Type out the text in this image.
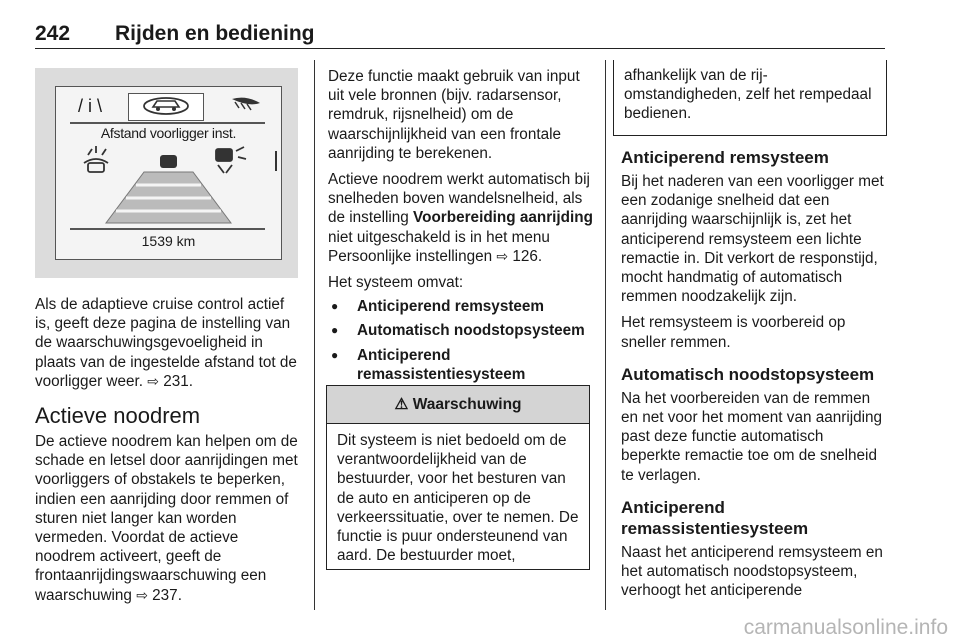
242 Rijden en bediening
/ i \
Afstand voorligger inst.
1539 km

Als de adaptieve cruise control actief is, geeft deze pagina de instelling van de waarschuwingsgevoeligheid in plaats van de ingestelde afstand tot de voorligger weer. ⇨ 231.

Actieve noodrem

De actieve noodrem kan helpen om de schade en letsel door aanrijdingen met voorliggers of obstakels te beperken, indien een aanrijding door remmen of sturen niet langer kan worden vermeden. Voordat de actieve noodrem activeert, geeft de frontaanrijdingswaarschuwing een waarschuwing ⇨ 237.

Deze functie maakt gebruik van input uit vele bronnen (bijv. radarsensor, remdruk, rijsnelheid) om de waarschijnlijkheid van een frontale aanrijding te berekenen.

Actieve noodrem werkt automatisch bij snelheden boven wandelsnelheid, als de instelling Voorbereiding aanrijding niet uitgeschakeld is in het menu Persoonlijke instellingen ⇨ 126.

Het systeem omvat:

● Anticiperend remsysteem
● Automatisch noodstopsysteem
● Anticiperend remassistentiesysteem
⚠ Waarschuwing
Dit systeem is niet bedoeld om de verantwoordelijkheid van de bestuurder, voor het besturen van de auto en anticiperen op de verkeerssituatie, over te nemen. De functie is puur ondersteunend van aard. De bestuurder moet,

afhankelijk van de rij-omstandigheden, zelf het rempedaal bedienen.

Anticiperend remsysteem

Bij het naderen van een voorligger met een zodanige snelheid dat een aanrijding waarschijnlijk is, zet het anticiperend remsysteem een lichte remactie in. Dit verkort de responstijd, mocht handmatig of automatisch remmen noodzakelijk zijn.

Het remsysteem is voorbereid op sneller remmen.

Automatisch noodstopsysteem

Na het voorbereiden van de remmen en net voor het moment van aanrijding past deze functie automatisch beperkte remactie toe om de snelheid te verlagen.

Anticiperend remassistentiesysteem

Naast het anticiperend remsysteem en het automatisch noodstopsysteem, verhoogt het anticiperende

carmanualsonline.info
